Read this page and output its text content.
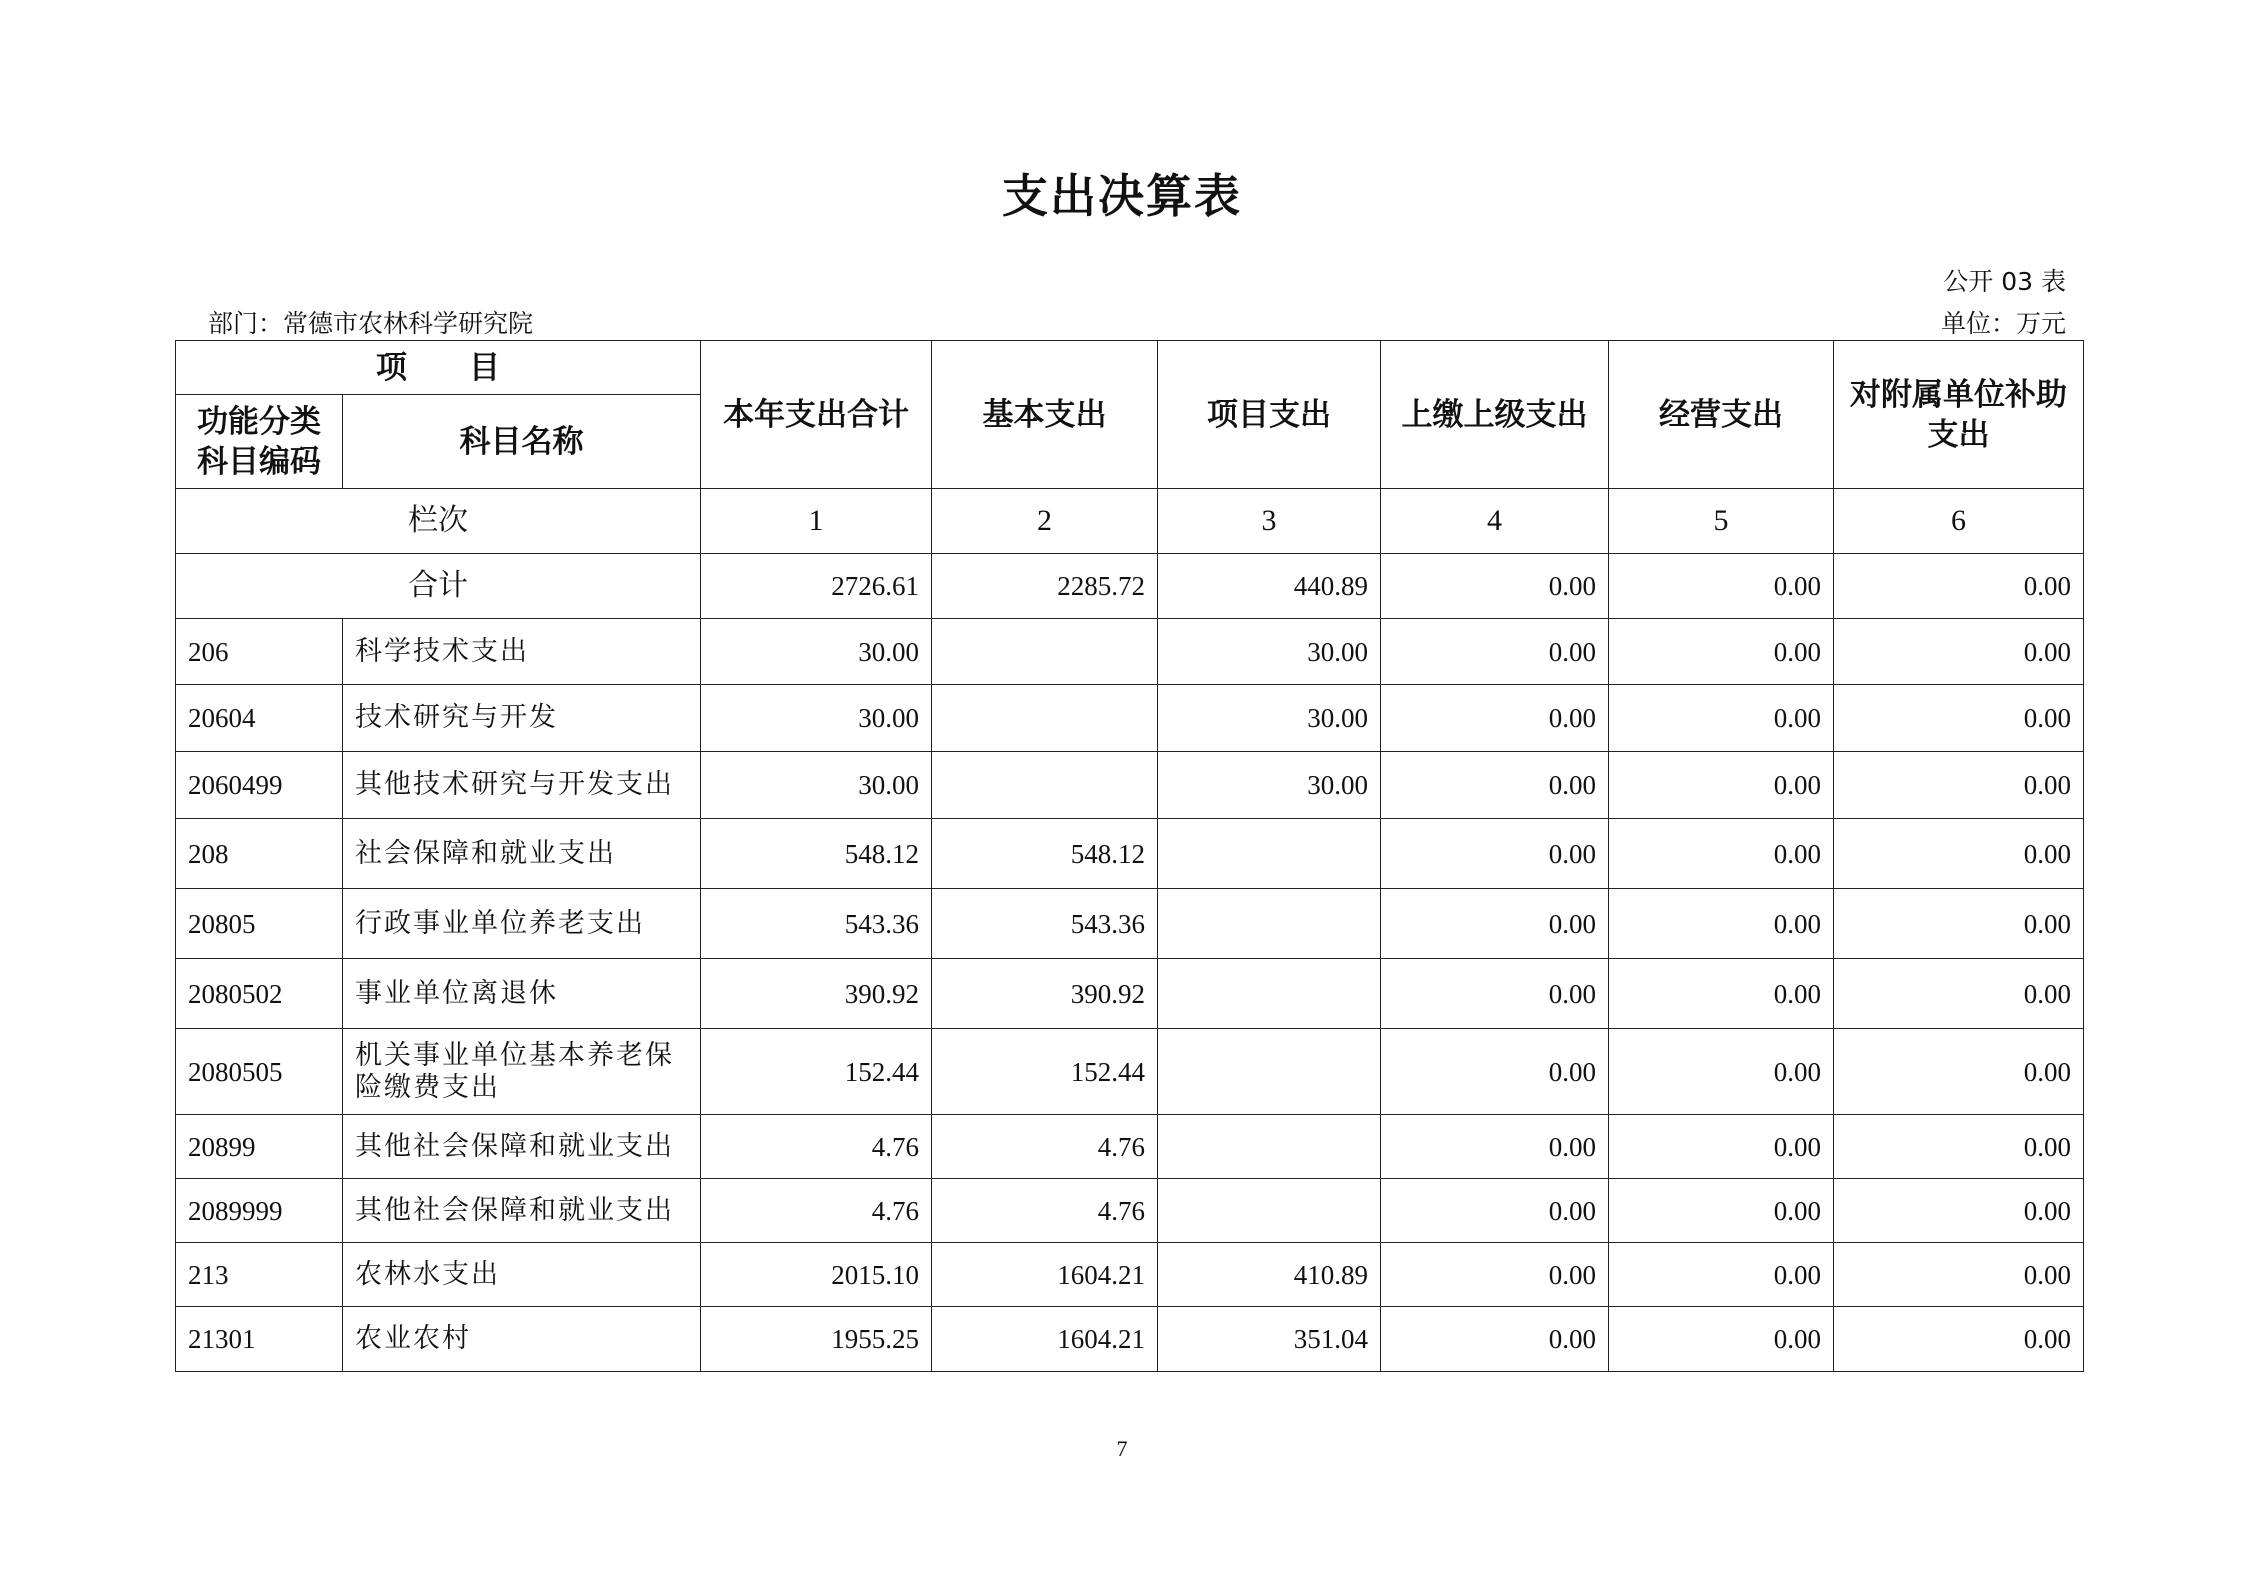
支出决算表
公开 03 表
部门：常德市农林科学研究院	单位：万元
项　　目		本年支出合计	基本支出	项目支出	上缴上级支出	经营支出	对附属单位补助支出
功能分类科目编码	科目名称						
栏次		1	2	3	4	5	6
合计		2726.61	2285.72	440.89	0.00	0.00	0.00
206	科学技术支出	30.00		30.00	0.00	0.00	0.00
20604	技术研究与开发	30.00		30.00	0.00	0.00	0.00
2060499	其他技术研究与开发支出	30.00		30.00	0.00	0.00	0.00
208	社会保障和就业支出	548.12	548.12		0.00	0.00	0.00
20805	行政事业单位养老支出	543.36	543.36		0.00	0.00	0.00
2080502	事业单位离退休	390.92	390.92		0.00	0.00	0.00
2080505	机关事业单位基本养老保险缴费支出	152.44	152.44		0.00	0.00	0.00
20899	其他社会保障和就业支出	4.76	4.76		0.00	0.00	0.00
2089999	其他社会保障和就业支出	4.76	4.76		0.00	0.00	0.00
213	农林水支出	2015.10	1604.21	410.89	0.00	0.00	0.00
21301	农业农村	1955.25	1604.21	351.04	0.00	0.00	0.00
7
